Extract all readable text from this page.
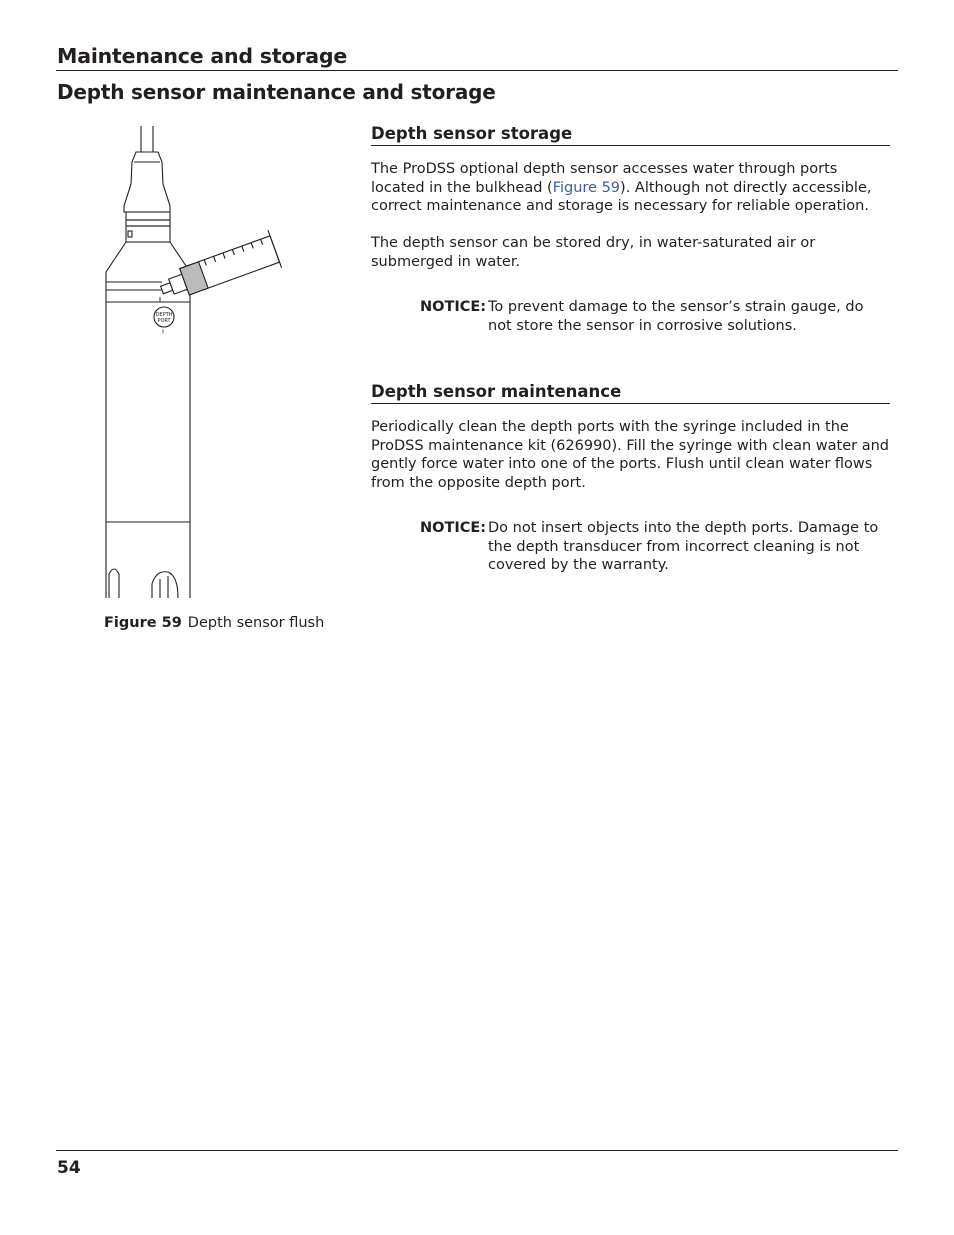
Maintenance and storage
Depth sensor maintenance and storage
DEPTH
PORT
Figure 59 Depth sensor flush
Depth sensor storage
The ProDSS optional depth sensor accesses water through ports located in the bulkhead (Figure 59). Although not directly accessible, correct maintenance and storage is necessary for reliable operation.
The depth sensor can be stored dry, in water-saturated air or submerged in water.
NOTICE: To prevent damage to the sensor’s strain gauge, do not store the sensor in corrosive solutions.
Depth sensor maintenance
Periodically clean the depth ports with the syringe included in the ProDSS maintenance kit (626990). Fill the syringe with clean water and gently force water into one of the ports. Flush until clean water flows from the opposite depth port.
NOTICE: Do not insert objects into the depth ports. Damage to the depth transducer from incorrect cleaning is not covered by the warranty.
54
